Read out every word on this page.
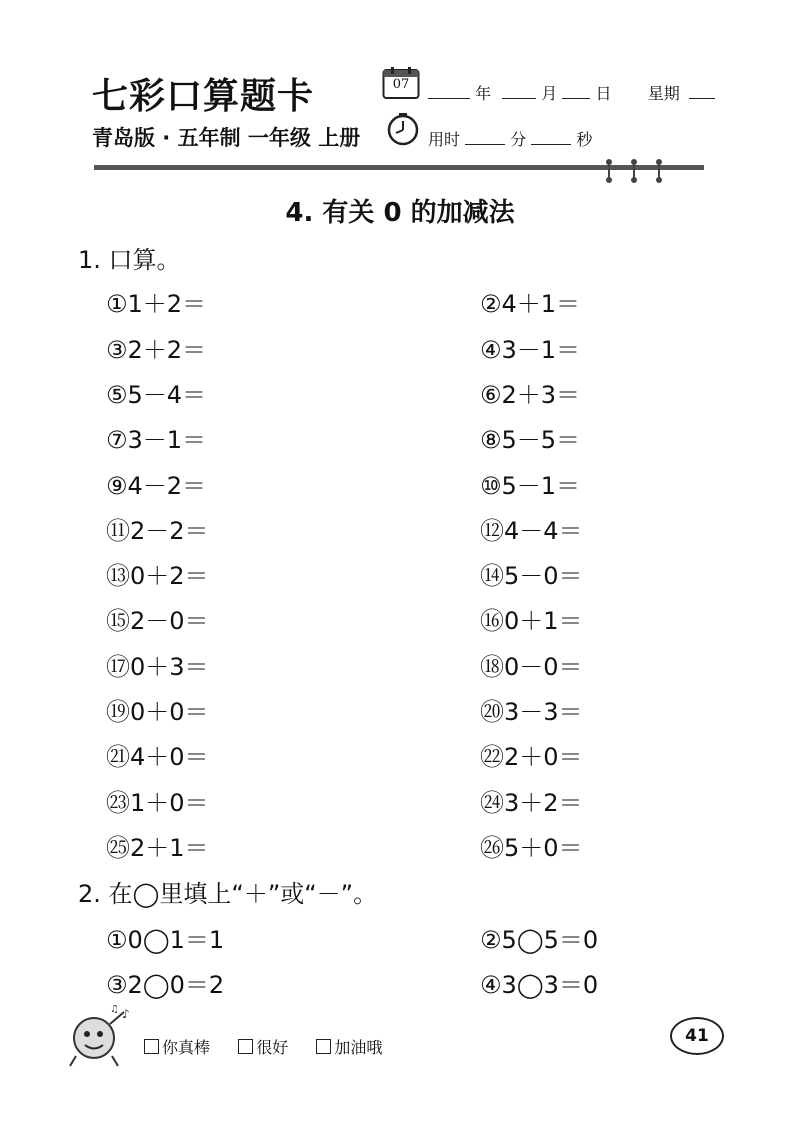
七彩口算题卡	07	年	月 日 星期
青岛版 · 五年制 一年级 上册	用时	分	秒
4. 有关 0 的加减法
1. 口算。
①1＋2＝	②4＋1＝
③2＋2＝	④3－1＝
⑤5－4＝	⑥2＋3＝
⑦3－1＝	⑧5－5＝
⑨4－2＝	⑩5－1＝
⑪2－2＝	⑫4－4＝
⑬0＋2＝	⑭5－0＝
⑮2－0＝	⑯0＋1＝
⑰0＋3＝	⑱0－0＝
⑲0＋0＝	⑳3－3＝
㉑4＋0＝	㉒2＋0＝
㉓1＋0＝	㉔3＋2＝
㉕2＋1＝	㉖5＋0＝
2. 在◯里填上“＋”或“－”。
①0◯1＝1	②5◯5＝0
③2◯0＝2	④3◯3＝0
♪
♫
你真棒	很好	加油哦
41
